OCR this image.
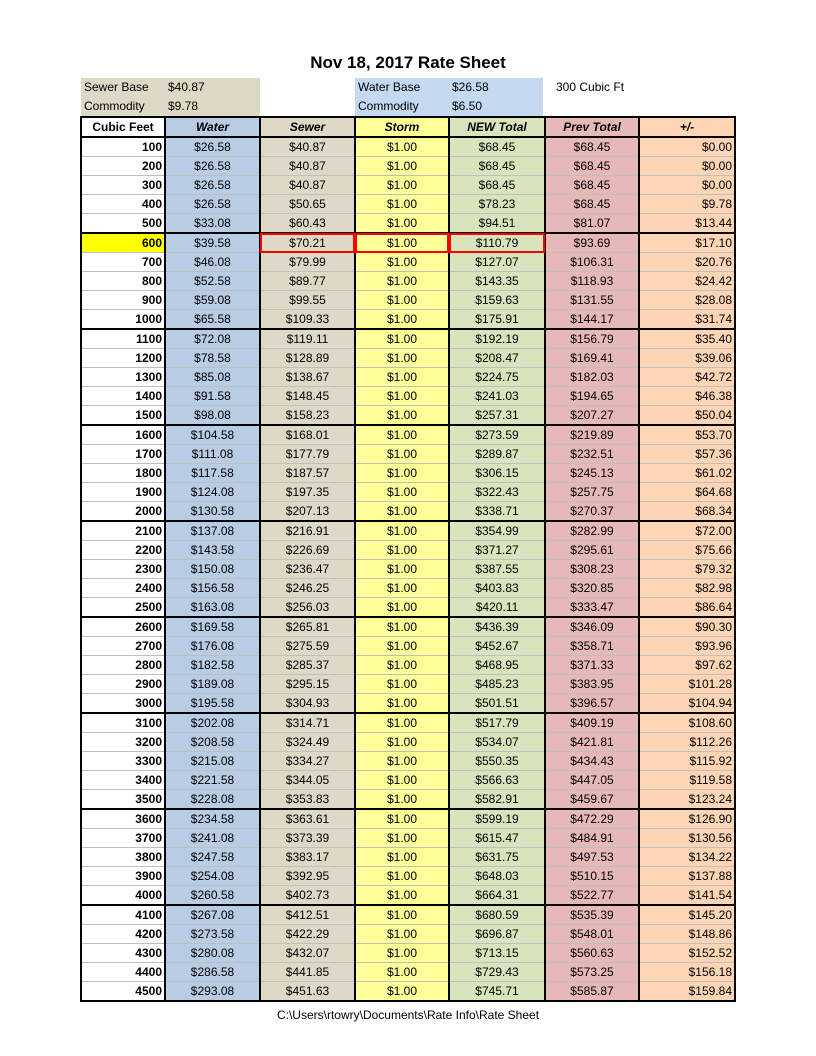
Nov 18, 2017 Rate Sheet
Sewer Base $40.87
Commodity $9.78
Water Base	$26.58
Commodity	$6.50
300 Cubic Ft
Cubic Feet	Water	Sewer	Storm	NEW Total	Prev Total	+/-
100	$26.58	$40.87	$1.00	$68.45	$68.45	$0.00
200	$26.58	$40.87	$1.00	$68.45	$68.45	$0.00
300	$26.58	$40.87	$1.00	$68.45	$68.45	$0.00
400	$26.58	$50.65	$1.00	$78.23	$68.45	$9.78
500	$33.08	$60.43	$1.00	$94.51	$81.07	$13.44
600	$39.58	$70.21	$1.00	$110.79	$93.69	$17.10
700	$46.08	$79.99	$1.00	$127.07	$106.31	$20.76
800	$52.58	$89.77	$1.00	$143.35	$118.93	$24.42
900	$59.08	$99.55	$1.00	$159.63	$131.55	$28.08
1000	$65.58	$109.33	$1.00	$175.91	$144.17	$31.74
1100	$72.08	$119.11	$1.00	$192.19	$156.79	$35.40
1200	$78.58	$128.89	$1.00	$208.47	$169.41	$39.06
1300	$85.08	$138.67	$1.00	$224.75	$182.03	$42.72
1400	$91.58	$148.45	$1.00	$241.03	$194.65	$46.38
1500	$98.08	$158.23	$1.00	$257.31	$207.27	$50.04
1600	$104.58	$168.01	$1.00	$273.59	$219.89	$53.70
1700	$111.08	$177.79	$1.00	$289.87	$232.51	$57.36
1800	$117.58	$187.57	$1.00	$306.15	$245.13	$61.02
1900	$124.08	$197.35	$1.00	$322.43	$257.75	$64.68
2000	$130.58	$207.13	$1.00	$338.71	$270.37	$68.34
2100	$137.08	$216.91	$1.00	$354.99	$282.99	$72.00
2200	$143.58	$226.69	$1.00	$371.27	$295.61	$75.66
2300	$150.08	$236.47	$1.00	$387.55	$308.23	$79.32
2400	$156.58	$246.25	$1.00	$403.83	$320.85	$82.98
2500	$163.08	$256.03	$1.00	$420.11	$333.47	$86.64
2600	$169.58	$265.81	$1.00	$436.39	$346.09	$90.30
2700	$176.08	$275.59	$1.00	$452.67	$358.71	$93.96
2800	$182.58	$285.37	$1.00	$468.95	$371.33	$97.62
2900	$189.08	$295.15	$1.00	$485.23	$383.95	$101.28
3000	$195.58	$304.93	$1.00	$501.51	$396.57	$104.94
3100	$202.08	$314.71	$1.00	$517.79	$409.19	$108.60
3200	$208.58	$324.49	$1.00	$534.07	$421.81	$112.26
3300	$215.08	$334.27	$1.00	$550.35	$434.43	$115.92
3400	$221.58	$344.05	$1.00	$566.63	$447.05	$119.58
3500	$228.08	$353.83	$1.00	$582.91	$459.67	$123.24
3600	$234.58	$363.61	$1.00	$599.19	$472.29	$126.90
3700	$241.08	$373.39	$1.00	$615.47	$484.91	$130.56
3800	$247.58	$383.17	$1.00	$631.75	$497.53	$134.22
3900	$254.08	$392.95	$1.00	$648.03	$510.15	$137.88
4000	$260.58	$402.73	$1.00	$664.31	$522.77	$141.54
4100	$267.08	$412.51	$1.00	$680.59	$535.39	$145.20
4200	$273.58	$422.29	$1.00	$696.87	$548.01	$148.86
4300	$280.08	$432.07	$1.00	$713.15	$560.63	$152.52
4400	$286.58	$441.85	$1.00	$729.43	$573.25	$156.18
4500	$293.08	$451.63	$1.00	$745.71	$585.87	$159.84
C:\Users\rtowry\Documents\Rate Info\Rate Sheet
